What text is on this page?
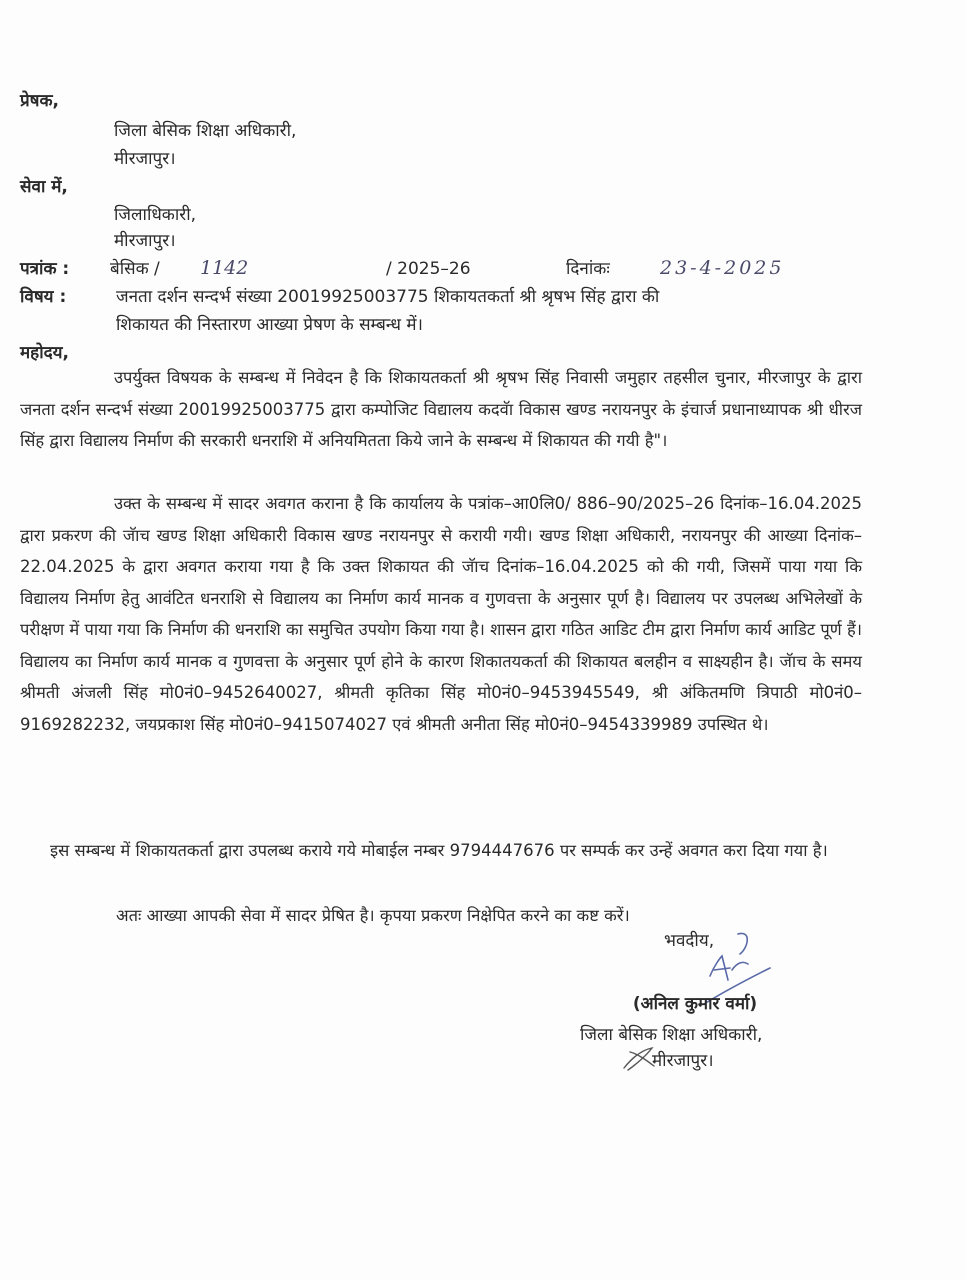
प्रेषक,
जिला बेसिक शिक्षा अधिकारी,
मीरजापुर।
सेवा में,
जिलाधिकारी,
मीरजापुर।
पत्रांक : बेसिक / 1142	/ 2025–26	दिनांकः	23-4-2025
विषय :	जनता दर्शन सन्दर्भ संख्या 20019925003775 शिकायतकर्ता श्री श्रृषभ सिंह द्वारा की
शिकायत की निस्तारण आख्या प्रेषण के सम्बन्ध में।
महोदय,
उपर्युक्त विषयक के सम्बन्ध में निवेदन है कि शिकायतकर्ता श्री श्रृषभ सिंह निवासी जमुहार तहसील चुनार, मीरजापुर के द्वारा जनता दर्शन सन्दर्भ संख्या 20019925003775 द्वारा कम्पोजिट विद्यालय कदवॅा विकास खण्ड नरायनपुर के इंचार्ज प्रधानाध्यापक श्री धीरज सिंह द्वारा विद्यालय निर्माण की सरकारी धनराशि में अनियमितता किये जाने के सम्बन्ध में शिकायत की गयी है"।
उक्त के सम्बन्ध में सादर अवगत कराना है कि कार्यालय के पत्रांक–आ0लि0/ 886–90/2025–26 दिनांक–16.04.2025 द्वारा प्रकरण की जॅाच खण्ड शिक्षा अधिकारी विकास खण्ड नरायनपुर से करायी गयी। खण्ड शिक्षा अधिकारी, नरायनपुर की आख्या दिनांक–22.04.2025 के द्वारा अवगत कराया गया है कि उक्त शिकायत की जॅाच दिनांक–16.04.2025 को की गयी, जिसमें पाया गया कि विद्यालय निर्माण हेतु आवंटित धनराशि से विद्यालय का निर्माण कार्य मानक व गुणवत्ता के अनुसार पूर्ण है। विद्यालय पर उपलब्ध अभिलेखों के परीक्षण में पाया गया कि निर्माण की धनराशि का समुचित उपयोग किया गया है। शासन द्वारा गठित आडिट टीम द्वारा निर्माण कार्य आडिट पूर्ण हैं। विद्यालय का निर्माण कार्य मानक व गुणवत्ता के अनुसार पूर्ण होने के कारण शिकातयकर्ता की शिकायत बलहीन व साक्ष्यहीन है। जॅाच के समय श्रीमती अंजली सिंह मो0नं0–9452640027, श्रीमती कृतिका सिंह मो0नं0–9453945549, श्री अंकितमणि त्रिपाठी मो0नं0–9169282232, जयप्रकाश सिंह मो0नं0–9415074027 एवं श्रीमती अनीता सिंह मो0नं0–9454339989 उपस्थित थे।
इस सम्बन्ध में शिकायतकर्ता द्वारा उपलब्ध कराये गये मोबाईल नम्बर 9794447676 पर सम्पर्क कर उन्हें अवगत करा दिया गया है।
अतः आख्या आपकी सेवा में सादर प्रेषित है। कृपया प्रकरण निक्षेपित करने का कष्ट करें।
भवदीय,
(अनिल कुमार वर्मा)
जिला बेसिक शिक्षा अधिकारी,
मीरजापुर।
